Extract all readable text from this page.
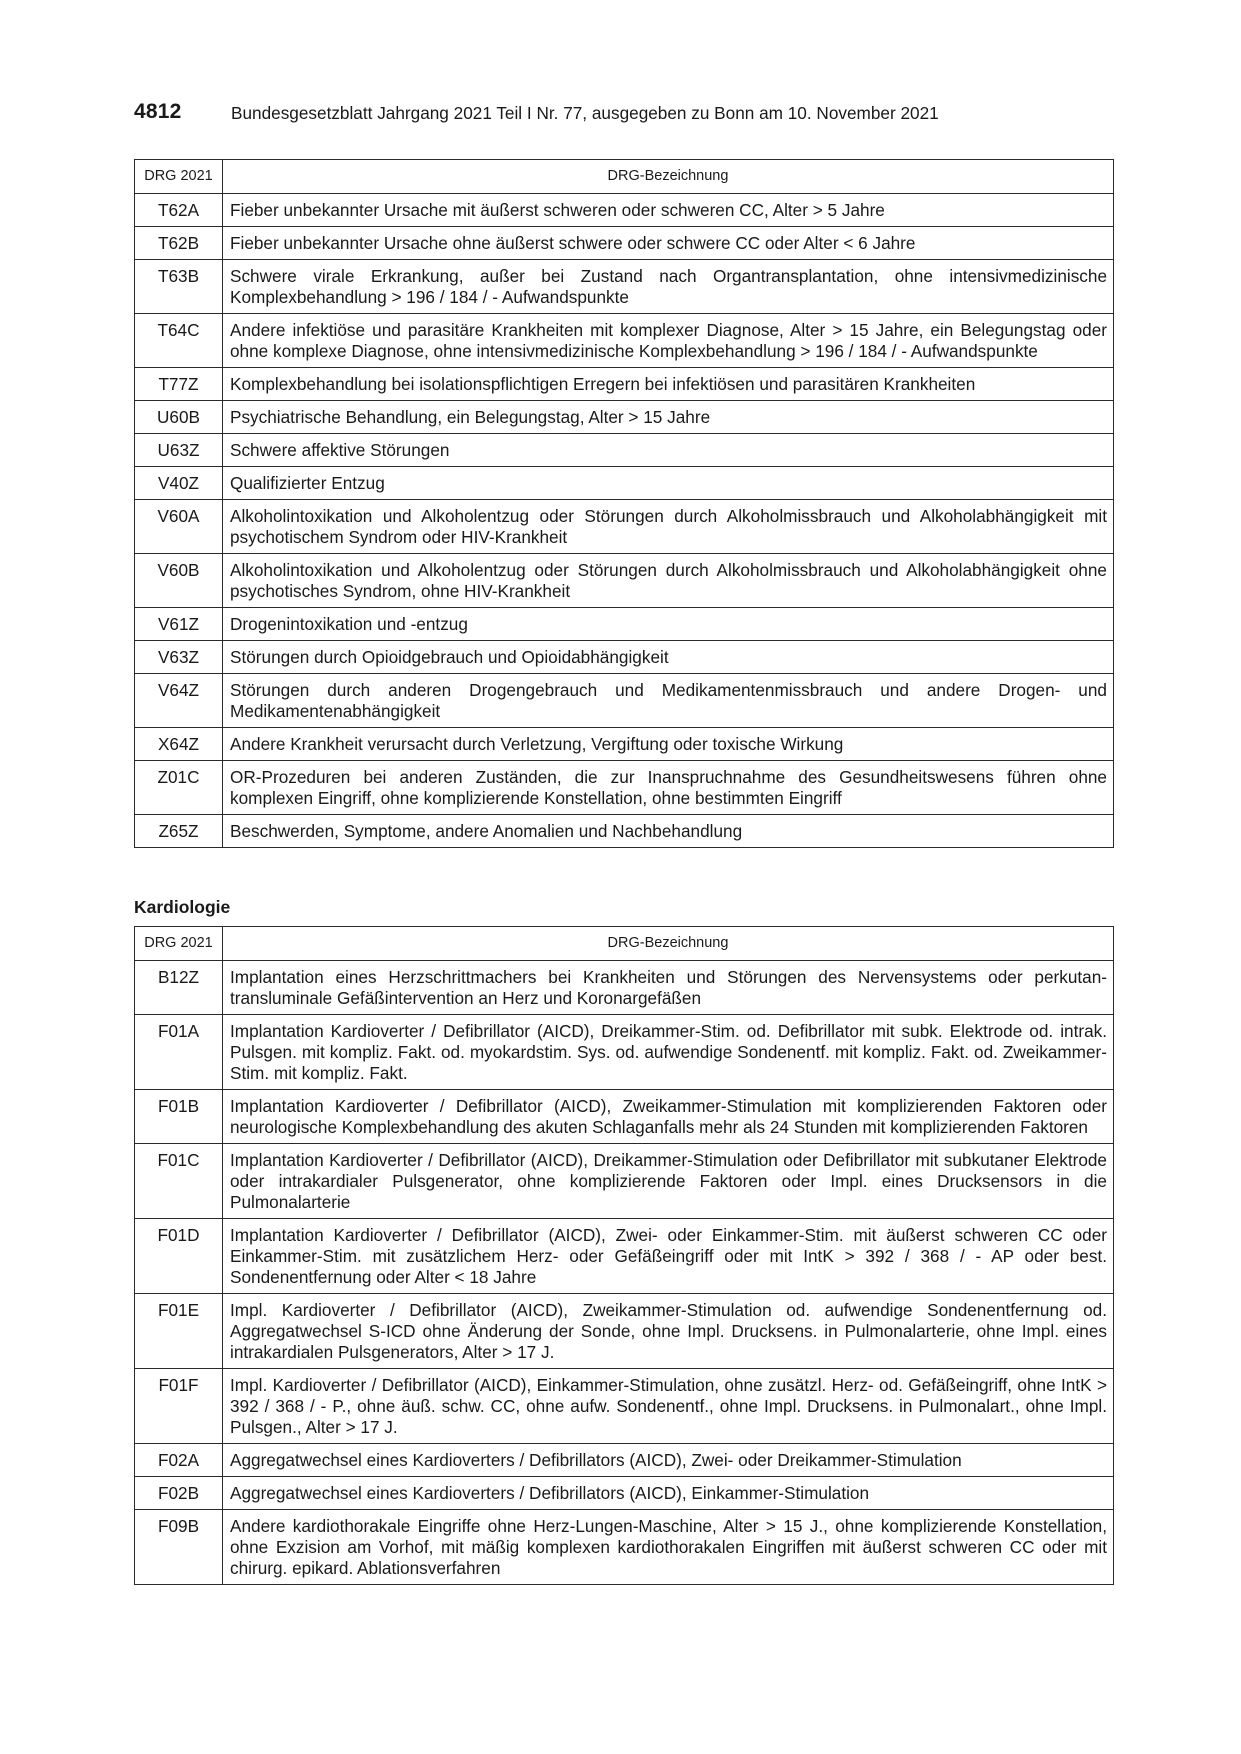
4812	Bundesgesetzblatt Jahrgang 2021 Teil I Nr. 77, ausgegeben zu Bonn am 10. November 2021
DRG 2021	DRG-Bezeichnung
T62A	Fieber unbekannter Ursache mit äußerst schweren oder schweren CC, Alter > 5 Jahre
T62B	Fieber unbekannter Ursache ohne äußerst schwere oder schwere CC oder Alter < 6 Jahre
T63B	Schwere virale Erkrankung, außer bei Zustand nach Organtransplantation, ohne intensivmedizinische Komplexbehandlung > 196 / 184 / - Aufwandspunkte
T64C	Andere infektiöse und parasitäre Krankheiten mit komplexer Diagnose, Alter > 15 Jahre, ein Belegungstag oder ohne komplexe Diagnose, ohne intensivmedizinische Komplexbehandlung > 196 / 184 / - Aufwandspunkte
T77Z	Komplexbehandlung bei isolationspflichtigen Erregern bei infektiösen und parasitären Krankheiten
U60B	Psychiatrische Behandlung, ein Belegungstag, Alter > 15 Jahre
U63Z	Schwere affektive Störungen
V40Z	Qualifizierter Entzug
V60A	Alkoholintoxikation und Alkoholentzug oder Störungen durch Alkoholmissbrauch und Alkoholabhängigkeit mit psychotischem Syndrom oder HIV-Krankheit
V60B	Alkoholintoxikation und Alkoholentzug oder Störungen durch Alkoholmissbrauch und Alkoholabhängigkeit ohne psychotisches Syndrom, ohne HIV-Krankheit
V61Z	Drogenintoxikation und -entzug
V63Z	Störungen durch Opioidgebrauch und Opioidabhängigkeit
V64Z	Störungen durch anderen Drogengebrauch und Medikamentenmissbrauch und andere Drogen- und Medikamentenabhängigkeit
X64Z	Andere Krankheit verursacht durch Verletzung, Vergiftung oder toxische Wirkung
Z01C	OR-Prozeduren bei anderen Zuständen, die zur Inanspruchnahme des Gesundheitswesens führen ohne komplexen Eingriff, ohne komplizierende Konstellation, ohne bestimmten Eingriff
Z65Z	Beschwerden, Symptome, andere Anomalien und Nachbehandlung
Kardiologie
DRG 2021	DRG-Bezeichnung
B12Z	Implantation eines Herzschrittmachers bei Krankheiten und Störungen des Nervensystems oder perkutan-transluminale Gefäßintervention an Herz und Koronargefäßen
F01A	Implantation Kardioverter / Defibrillator (AICD), Dreikammer-Stim. od. Defibrillator mit subk. Elektrode od. intrak. Pulsgen. mit kompliz. Fakt. od. myokardstim. Sys. od. aufwendige Sondenentf. mit kompliz. Fakt. od. Zweikammer-Stim. mit kompliz. Fakt.
F01B	Implantation Kardioverter / Defibrillator (AICD), Zweikammer-Stimulation mit komplizierenden Faktoren oder neurologische Komplexbehandlung des akuten Schlaganfalls mehr als 24 Stunden mit komplizierenden Faktoren
F01C	Implantation Kardioverter / Defibrillator (AICD), Dreikammer-Stimulation oder Defibrillator mit subkutaner Elektrode oder intrakardialer Pulsgenerator, ohne komplizierende Faktoren oder Impl. eines Drucksensors in die Pulmonalarterie
F01D	Implantation Kardioverter / Defibrillator (AICD), Zwei- oder Einkammer-Stim. mit äußerst schweren CC oder Einkammer-Stim. mit zusätzlichem Herz- oder Gefäßeingriff oder mit IntK > 392 / 368 / - AP oder best. Sondenentfernung oder Alter < 18 Jahre
F01E	Impl. Kardioverter / Defibrillator (AICD), Zweikammer-Stimulation od. aufwendige Sondenentfernung od. Aggregatwechsel S-ICD ohne Änderung der Sonde, ohne Impl. Drucksens. in Pulmonalarterie, ohne Impl. eines intrakardialen Pulsgenerators, Alter > 17 J.
F01F	Impl. Kardioverter / Defibrillator (AICD), Einkammer-Stimulation, ohne zusätzl. Herz- od. Gefäßeingriff, ohne IntK > 392 / 368 / - P., ohne äuß. schw. CC, ohne aufw. Sondenentf., ohne Impl. Drucksens. in Pulmonalart., ohne Impl. Pulsgen., Alter > 17 J.
F02A	Aggregatwechsel eines Kardioverters / Defibrillators (AICD), Zwei- oder Dreikammer-Stimulation
F02B	Aggregatwechsel eines Kardioverters / Defibrillators (AICD), Einkammer-Stimulation
F09B	Andere kardiothorakale Eingriffe ohne Herz-Lungen-Maschine, Alter > 15 J., ohne komplizierende Konstellation, ohne Exzision am Vorhof, mit mäßig komplexen kardiothorakalen Eingriffen mit äußerst schweren CC oder mit chirurg. epikard. Ablationsverfahren
